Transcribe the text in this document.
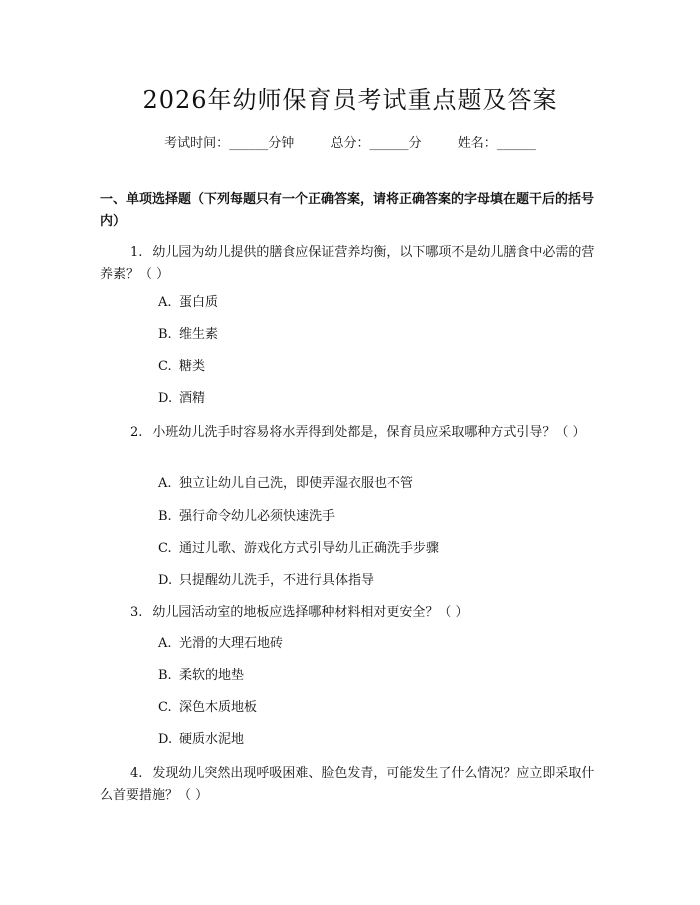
2026年幼师保育员考试重点题及答案
考试时间：______分钟	总分：______分	姓名：______
一、单项选择题（下列每题只有一个正确答案，请将正确答案的字母填在题干后的括号内）
1. 幼儿园为幼儿提供的膳食应保证营养均衡，以下哪项不是幼儿膳食中必需的营养素？（ ）
A. 蛋白质
B. 维生素
C. 糖类
D. 酒精
2. 小班幼儿洗手时容易将水弄得到处都是，保育员应采取哪种方式引导？（ ）
A. 独立让幼儿自己洗，即使弄湿衣服也不管
B. 强行命令幼儿必须快速洗手
C. 通过儿歌、游戏化方式引导幼儿正确洗手步骤
D. 只提醒幼儿洗手，不进行具体指导
3. 幼儿园活动室的地板应选择哪种材料相对更安全？（ ）
A. 光滑的大理石地砖
B. 柔软的地垫
C. 深色木质地板
D. 硬质水泥地
4. 发现幼儿突然出现呼吸困难、脸色发青，可能发生了什么情况？应立即采取什么首要措施？（ ）
